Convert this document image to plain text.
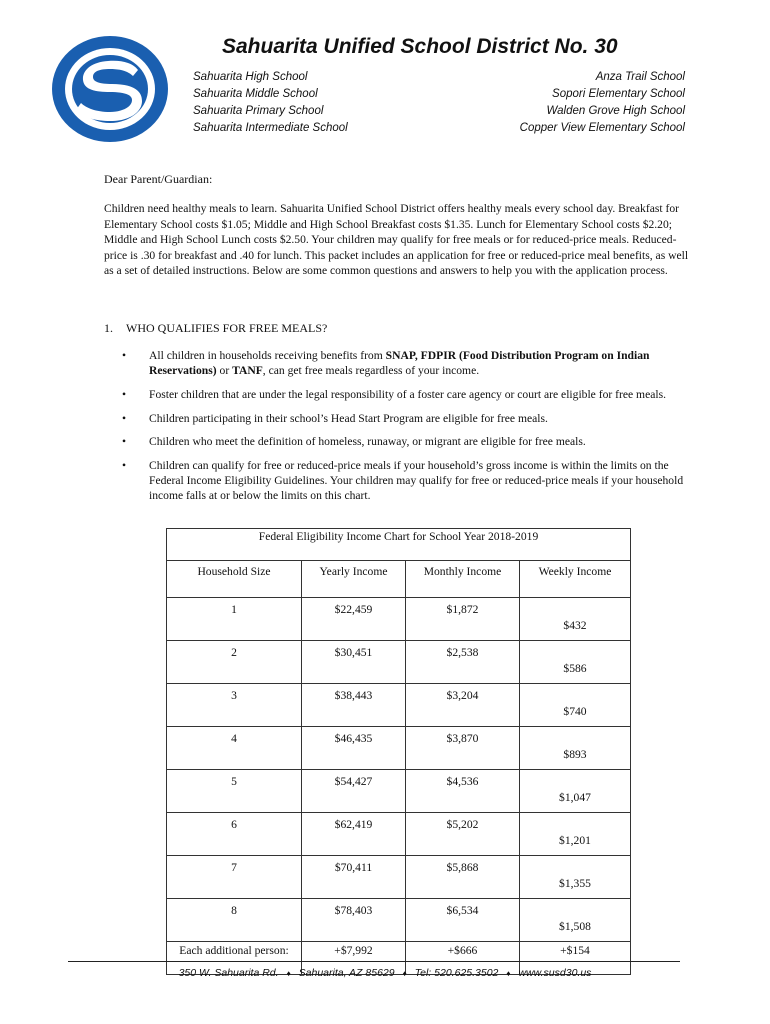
Sahuarita Unified School District No. 30
Sahuarita High School
Sahuarita Middle School
Sahuarita Primary School
Sahuarita Intermediate School
Anza Trail School
Sopori Elementary School
Walden Grove High School
Copper View Elementary School
Dear Parent/Guardian:
Children need healthy meals to learn. Sahuarita Unified School District offers healthy meals every school day. Breakfast for Elementary School costs $1.05; Middle and High School Breakfast costs $1.35. Lunch for Elementary School costs $2.20; Middle and High School Lunch costs $2.50. Your children may qualify for free meals or for reduced-price meals. Reduced-price is .30 for breakfast and .40 for lunch. This packet includes an application for free or reduced-price meal benefits, as well as a set of detailed instructions. Below are some common questions and answers to help you with the application process.
1. WHO QUALIFIES FOR FREE MEALS?
• All children in households receiving benefits from SNAP, FDPIR (Food Distribution Program on Indian Reservations) or TANF, can get free meals regardless of your income.
• Foster children that are under the legal responsibility of a foster care agency or court are eligible for free meals.
• Children participating in their school’s Head Start Program are eligible for free meals.
• Children who meet the definition of homeless, runaway, or migrant are eligible for free meals.
• Children can qualify for free or reduced-price meals if your household’s gross income is within the limits on the Federal Income Eligibility Guidelines. Your children may qualify for free or reduced-price meals if your household income falls at or below the limits on this chart.
Federal Eligibility Income Chart for School Year 2018-2019			
Household Size	Yearly Income	Monthly Income	Weekly Income
1	$22,459	$1,872	$432
2	$30,451	$2,538	$586
3	$38,443	$3,204	$740
4	$46,435	$3,870	$893
5	$54,427	$4,536	$1,047
6	$62,419	$5,202	$1,201
7	$70,411	$5,868	$1,355
8	$78,403	$6,534	$1,508
Each additional person:	+$7,992	+$666	+$154
350 W. Sahuarita Rd. ♦ Sahuarita, AZ 85629 ♦ Tel: 520.625.3502 ♦ www.susd30.us
